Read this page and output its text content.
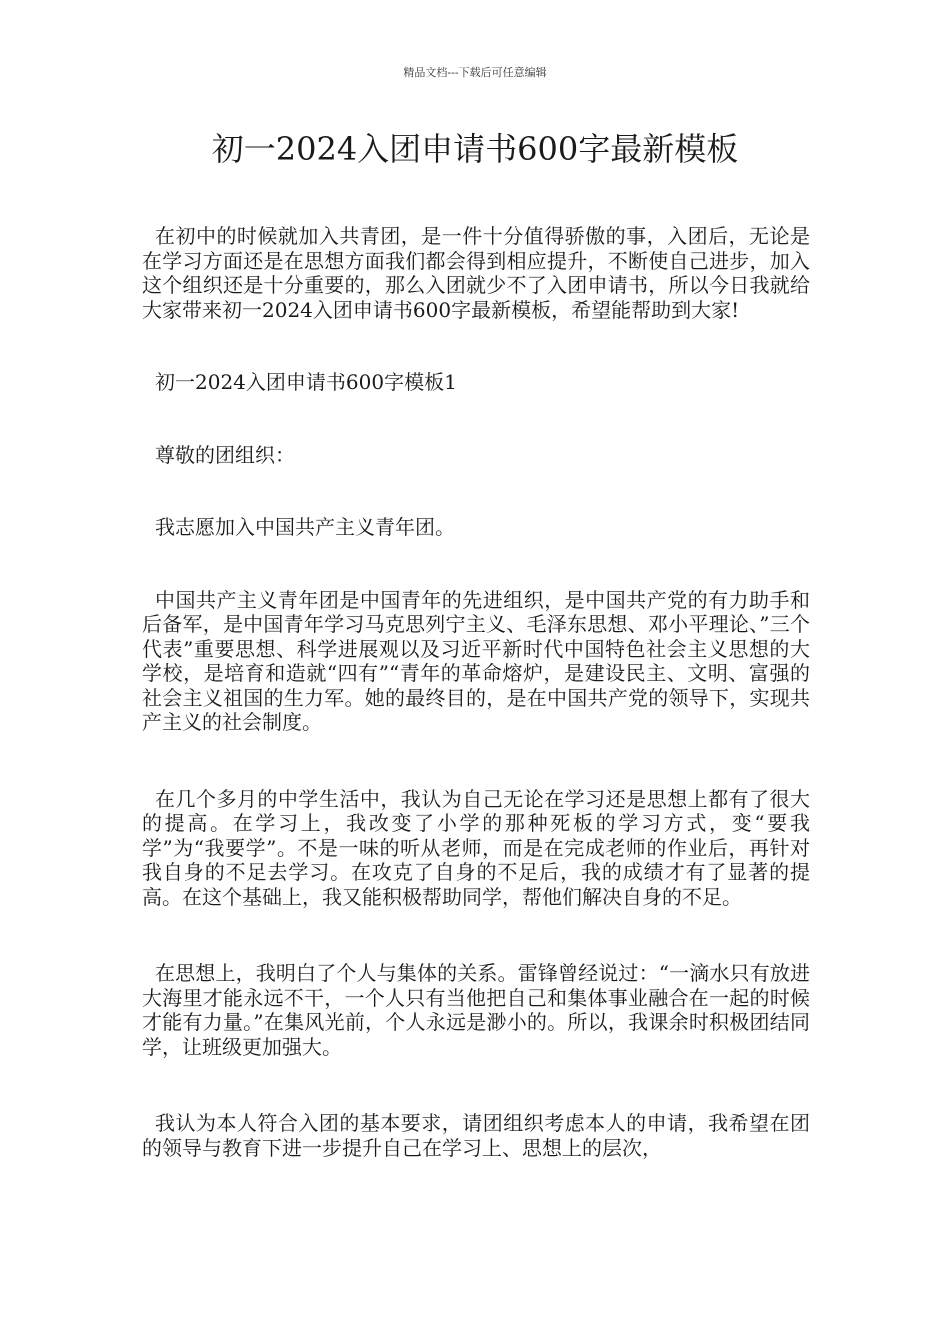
精品文档---下载后可任意编辑
初一2024入团申请书600字最新模板

在初中的时候就加入共青团，是一件十分值得骄傲的事，入团后，无论是在学习方面还是在思想方面我们都会得到相应提升，不断使自己进步，加入这个组织还是十分重要的，那么入团就少不了入团申请书，所以今日我就给大家带来初一2024入团申请书600字最新模板，希望能帮助到大家!

初一2024入团申请书600字模板1

尊敬的团组织：

我志愿加入中国共产主义青年团。

中国共产主义青年团是中国青年的先进组织，是中国共产党的有力助手和后备军，是中国青年学习马克思列宁主义、毛泽东思想、邓小平理论、”三个代表”重要思想、科学进展观以及习近平新时代中国特色社会主义思想的大学校，是培育和造就“四有”“青年的革命熔炉，是建设民主、文明、富强的社会主义祖国的生力军。她的最终目的，是在中国共产党的领导下，实现共产主义的社会制度。

在几个多月的中学生活中，我认为自己无论在学习还是思想上都有了很大的提高。在学习上，我改变了小学的那种死板的学习方式，变“要我学”为“我要学”。不是一味的听从老师，而是在完成老师的作业后，再针对我自身的不足去学习。在攻克了自身的不足后，我的成绩才有了显著的提高。在这个基础上，我又能积极帮助同学，帮他们解决自身的不足。

在思想上，我明白了个人与集体的关系。雷锋曾经说过：“一滴水只有放进大海里才能永远不干，一个人只有当他把自己和集体事业融合在一起的时候才能有力量。”在集风光前，个人永远是渺小的。所以，我课余时积极团结同学，让班级更加强大。

我认为本人符合入团的基本要求，请团组织考虑本人的申请，我希望在团的领导与教育下进一步提升自己在学习上、思想上的层次，
